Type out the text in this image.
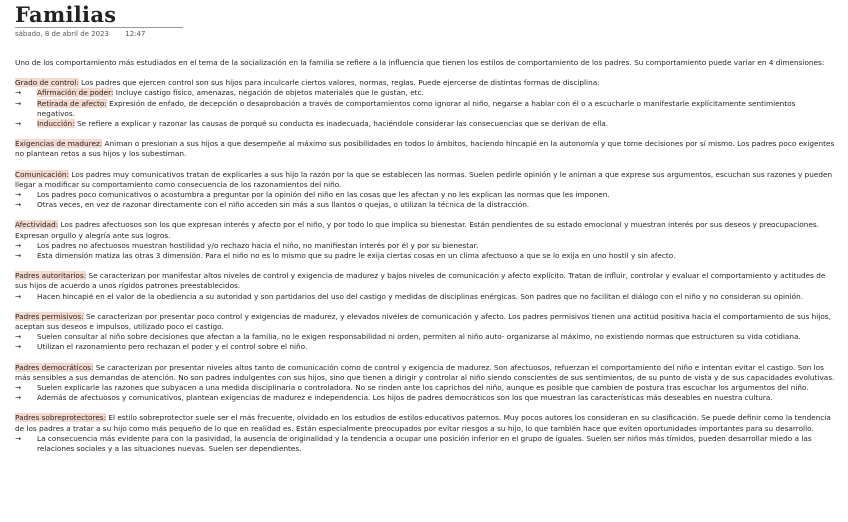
Familias
sábado, 8 de abril de 2023 12:47

Uno de los comportamiento más estudiados en el tema de la socialización en la familia se refiere a la influencia que tienen los estilos de comportamiento de los padres. Su comportamiento puede variar en 4 dimensiones:

Grado de control: Los padres que ejercen control son sus hijos para inculcarle ciertos valores, normas, reglas. Puede ejercerse de distintas formas de disciplina:

→	Afirmación de poder: Incluye castigo físico, amenazas, negación de objetos materiales que le gustan, etc.
→	Retirada de afecto: Expresión de enfado, de decepción o desaprobación a través de comportamientos como ignorar al niño, negarse a hablar con él o a escucharle o manifestarle explícitamente sentimientos negativos.
→	Inducción: Se refiere a explicar y razonar las causas de porqué su conducta es inadecuada, haciéndole considerar las consecuencias que se derivan de ella.

Exigencias de madurez: Animan o presionan a sus hijos a que desempeñe al máximo sus posibilidades en todos lo ámbitos, haciendo hincapié en la autonomía y que tome decisiones por sí mismo. Los padres poco exigentes no plantean retos a sus hijos y los subestiman.

Comunicación: Los padres muy comunicativos tratan de explicarles a sus hijo la razón por la que se establecen las normas. Suelen pedirle opinión y le animan a que exprese sus argumentos, escuchan sus razones y pueden llegar a modificar su comportamiento como consecuencia de los razonamientos del niño.

→	Los padres poco comunicativos o acostumbra a preguntar por la opinión del niño en las cosas que les afectan y no les explican las normas que les imponen.
→	Otras veces, en vez de razonar directamente con el niño acceden sin más a sus llantos o quejas, o utilizan la técnica de la distracción.

Afectividad: Los padres afectuosos son los que expresan interés y afecto por el niño, y por todo lo que implica su bienestar. Están pendientes de su estado emocional y muestran interés por sus deseos y preocupaciones. Expresan orgullo y alegría ante sus logros.

→	Los padres no afectuosos muestran hostilidad y/o rechazo hacia el niño, no manifiestan interés por él y por su bienestar.
→	Esta dimensión matiza las otras 3 dimensión. Para el niño no es lo mismo que su padre le exija ciertas cosas en un clima afectuoso a que se lo exija en uno hostil y sin afecto.

Padres autoritarios: Se caracterizan por manifestar altos niveles de control y exigencia de madurez y bajos niveles de comunicación y afecto explícito. Tratan de influir, controlar y evaluar el comportamiento y actitudes de sus hijos de acuerdo a unos rígidos patrones preestablecidos.

→	Hacen hincapié en el valor de la obediencia a su autoridad y son partidarios del uso del castigo y medidas de disciplinas enérgicas. Son padres que no facilitan el diálogo con el niño y no consideran su opinión.

Padres permisivos: Se caracterizan por presentar poco control y exigencias de madurez, y elevados niveles de comunicación y afecto. Los padres permisivos tienen una actitud positiva hacia el comportamiento de sus hijos, aceptan sus deseos e impulsos, utilizado poco el castigo.

→	Suelen consultar al niño sobre decisiones que afectan a la familia, no le exigen responsabilidad ni orden, permiten al niño auto- organizarse al máximo, no existiendo normas que estructuren su vida cotidiana.
→	Utilizan el razonamiento pero rechazan el poder y el control sobre el niño.

Padres democráticos: Se caracterizan por presentar niveles altos tanto de comunicación como de control y exigencia de madurez. Son afectuosos, refuerzan el comportamiento del niño e intentan evitar el castigo. Son los más sensibles a sus demandas de atención. No son padres indulgentes con sus hijos, sino que tienen a dirigir y controlar al niño siendo conscientes de sus sentimientos, de su punto de vista y de sus capacidades evolutivas.

→	Suelen explicarle las razones que subyacen a una medida disciplinaria o controladora. No se rinden ante los caprichos del niño, aunque es posible que cambien de postura tras escuchar los argumentos del niño.
→	Además de afectuosos y comunicativos, plantean exigencias de madurez e independencia. Los hijos de padres democráticos son los que muestran las características más deseables en nuestra cultura.

Padres sobreprotectores: El estilo sobreprotector suele ser el más frecuente, olvidado en los estudios de estilos educativos paternos. Muy pocos autores los consideran en su clasificación. Se puede definir como la tendencia de los padres a tratar a su hijo como más pequeño de lo que en realidad es. Están especialmente preocupados por evitar riesgos a su hijo, lo que también hace que eviten oportunidades importantes para su desarrollo.

→	La consecuencia más evidente para con la pasividad, la ausencia de originalidad y la tendencia a ocupar una posición inferior en el grupo de iguales. Suelen ser niños más tímidos, pueden desarrollar miedo a las relaciones sociales y a las situaciones nuevas. Suelen ser dependientes.
